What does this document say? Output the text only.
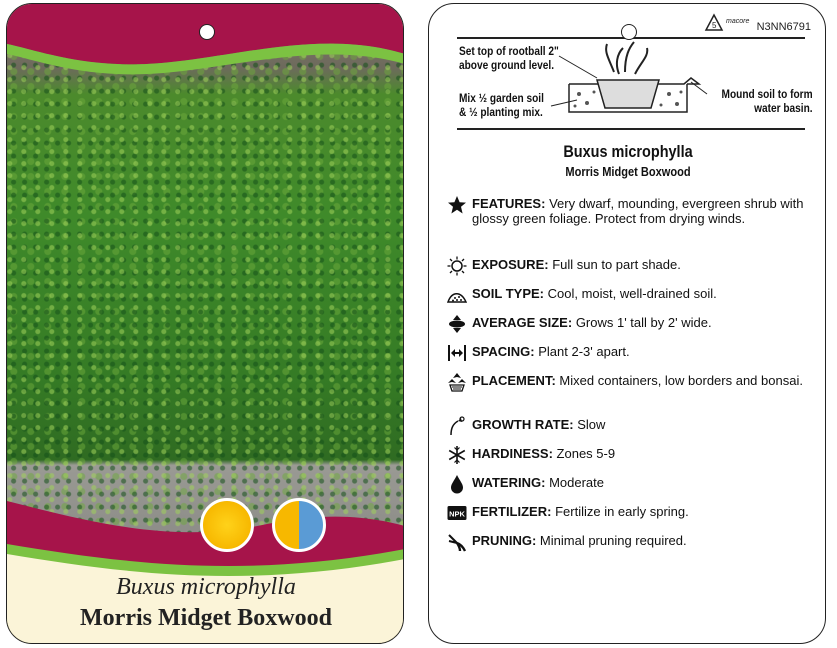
Buxus microphylla
Morris Midget Boxwood
5 macore N3NN6791
Set top of rootball 2"
above ground level.
Mix ½ garden soil
& ½ planting mix.
Mound soil to form
water basin.
Buxus microphylla
Morris Midget Boxwood
FEATURES: Very dwarf, mounding, evergreen shrub with glossy green foliage. Protect from drying winds.
EXPOSURE: Full sun to part shade.
SOIL TYPE: Cool, moist, well-drained soil.
AVERAGE SIZE: Grows 1' tall by 2' wide.
SPACING: Plant 2-3' apart.
PLACEMENT: Mixed containers, low borders and bonsai.
GROWTH RATE: Slow
HARDINESS: Zones 5-9
WATERING: Moderate
NPK FERTILIZER: Fertilize in early spring.
PRUNING: Minimal pruning required.
